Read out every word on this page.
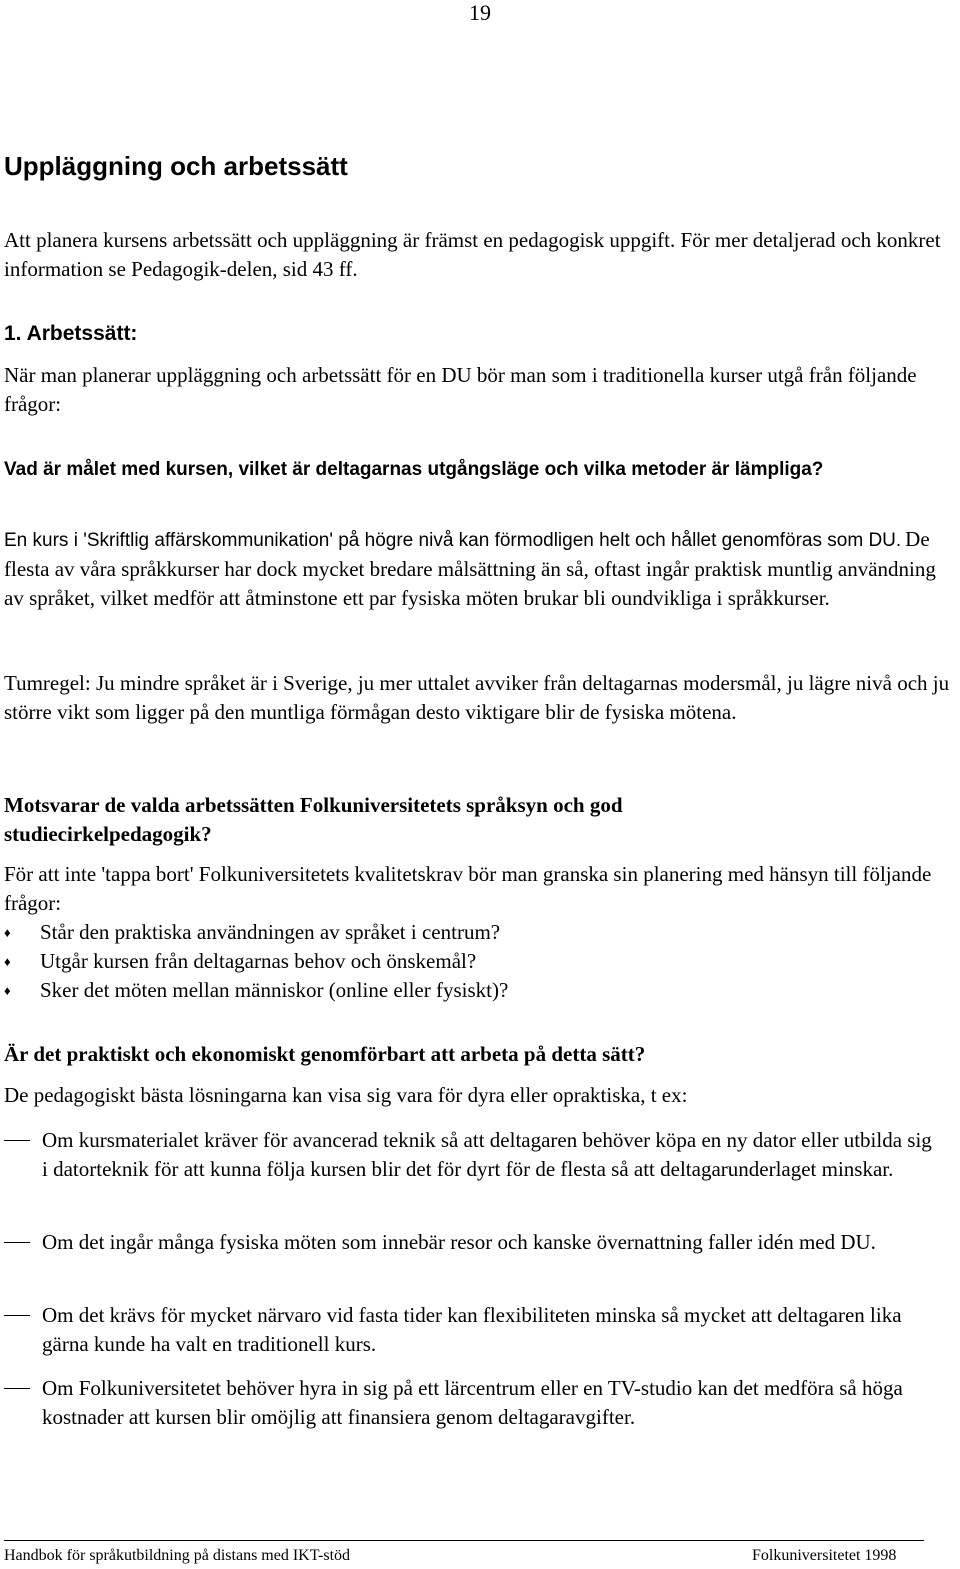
19
Uppläggning och arbetssätt
Att planera kursens arbetssätt och uppläggning är främst en pedagogisk uppgift. För mer detaljerad och konkret information se Pedagogik-delen, sid 43 ff.
1. Arbetssätt:
När man planerar uppläggning och arbetssätt för en DU bör man som i traditionella kurser utgå från följande frågor:
Vad är målet med kursen, vilket är deltagarnas utgångsläge och vilka metoder är lämpliga?
En kurs i 'Skriftlig affärskommunikation' på högre nivå kan förmodligen helt och hållet genomföras som DU. De flesta av våra språkkurser har dock mycket bredare målsättning än så, oftast ingår praktisk muntlig användning av språket, vilket medför att åtminstone ett par fysiska möten brukar bli oundvikliga i språkkurser.
Tumregel: Ju mindre språket är i Sverige, ju mer uttalet avviker från deltagarnas modersmål, ju lägre nivå och ju större vikt som ligger på den muntliga förmågan desto viktigare blir de fysiska mötena.
Motsvarar de valda arbetssätten Folkuniversitetets språksyn och god studiecirkelpedagogik?
För att inte 'tappa bort' Folkuniversitetets kvalitetskrav bör man granska sin planering med hänsyn till följande frågor:
♦ Står den praktiska användningen av språket i centrum?
♦ Utgår kursen från deltagarnas behov och önskemål?
♦ Sker det möten mellan människor (online eller fysiskt)?
Är det praktiskt och ekonomiskt genomförbart att arbeta på detta sätt?
De pedagogiskt bästa lösningarna kan visa sig vara för dyra eller opraktiska, t ex:
Om kursmaterialet kräver för avancerad teknik så att deltagaren behöver köpa en ny dator eller utbilda sig i datorteknik för att kunna följa kursen blir det för dyrt för de flesta så att deltagarunderlaget minskar.
Om det ingår många fysiska möten som innebär resor och kanske övernattning faller idén med DU.
Om det krävs för mycket närvaro vid fasta tider kan flexibiliteten minska så mycket att deltagaren lika gärna kunde ha valt en traditionell kurs.
Om Folkuniversitetet behöver hyra in sig på ett lärcentrum eller en TV-studio kan det medföra så höga kostnader att kursen blir omöjlig att finansiera genom deltagaravgifter.
Handbok för språkutbildning på distans med IKT-stöd	Folkuniversitetet 1998
